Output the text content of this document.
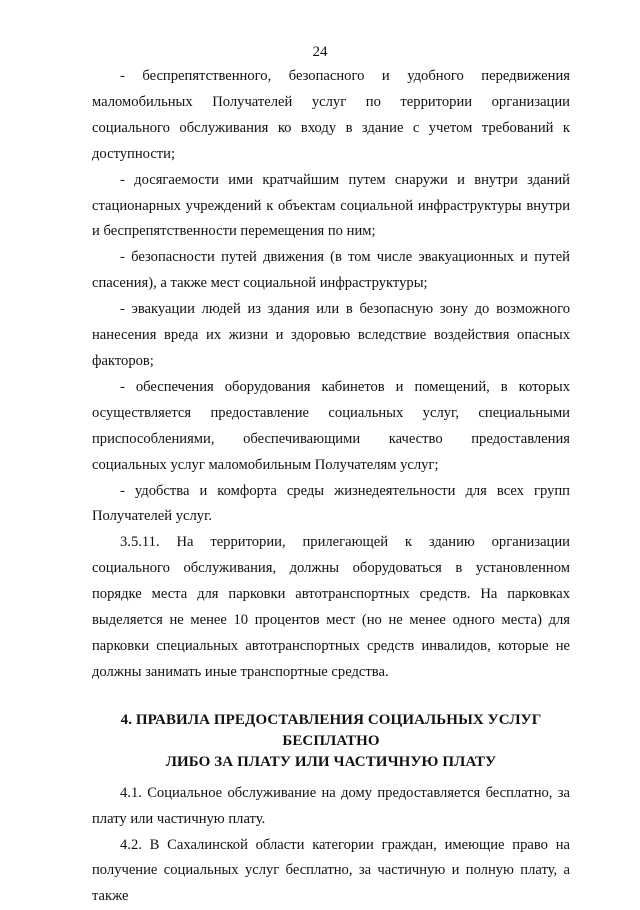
24

- беспрепятственного, безопасного и удобного передвижения маломобильных Получателей услуг по территории организации социального обслуживания ко входу в здание с учетом требований к доступности;

- досягаемости ими кратчайшим путем снаружи и внутри зданий стационарных учреждений к объектам социальной инфраструктуры внутри и беспрепятственности перемещения по ним;

- безопасности путей движения (в том числе эвакуационных и путей спасения), а также мест социальной инфраструктуры;

- эвакуации людей из здания или в безопасную зону до возможного нанесения вреда их жизни и здоровью вследствие воздействия опасных факторов;

- обеспечения оборудования кабинетов и помещений, в которых осуществляется предоставление социальных услуг, специальными приспособлениями, обеспечивающими качество предоставления социальных услуг маломобильным Получателям услуг;

- удобства и комфорта среды жизнедеятельности для всех групп Получателей услуг.

3.5.11. На территории, прилегающей к зданию организации социального обслуживания, должны оборудоваться в установленном порядке места для парковки автотранспортных средств. На парковках выделяется не менее 10 процентов мест (но не менее одного места) для парковки специальных автотранспортных средств инвалидов, которые не должны занимать иные транспортные средства.

4. ПРАВИЛА ПРЕДОСТАВЛЕНИЯ СОЦИАЛЬНЫХ УСЛУГ БЕСПЛАТНО
ЛИБО ЗА ПЛАТУ ИЛИ ЧАСТИЧНУЮ ПЛАТУ

4.1. Социальное обслуживание на дому предоставляется бесплатно, за плату или частичную плату.

4.2. В Сахалинской области категории граждан, имеющие право на получение социальных услуг бесплатно, за частичную и полную плату, а также
